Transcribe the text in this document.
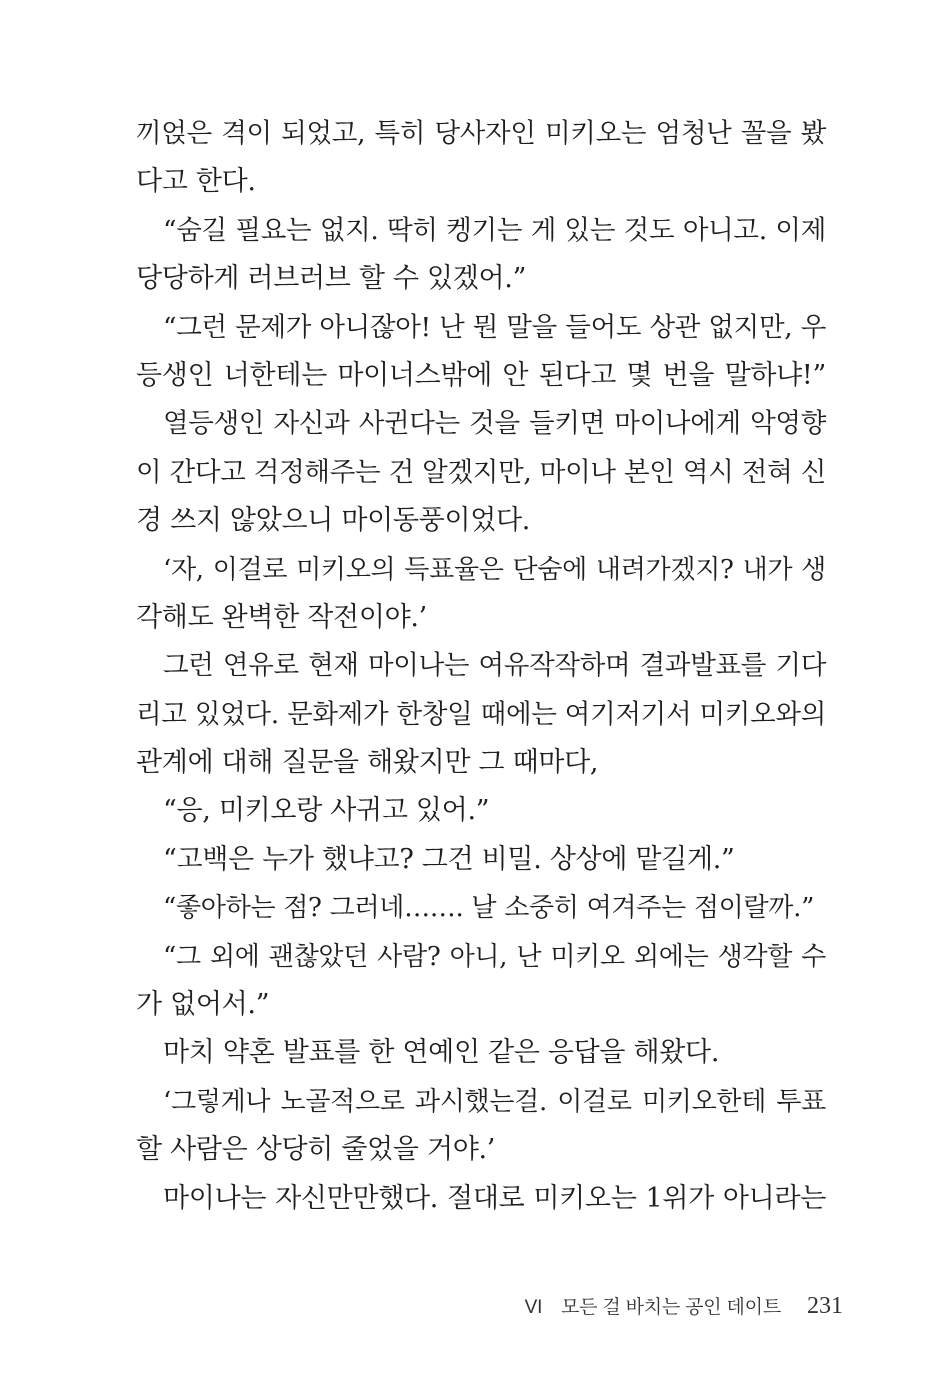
끼얹은 격이 되었고, 특히 당사자인 미키오는 엄청난 꼴을 봤
다고 한다.
“숨길 필요는 없지. 딱히 켕기는 게 있는 것도 아니고. 이제
당당하게 러브러브 할 수 있겠어.”
“그런 문제가 아니잖아! 난 뭔 말을 들어도 상관 없지만, 우
등생인 너한테는 마이너스밖에 안 된다고 몇 번을 말하냐!”
열등생인 자신과 사귄다는 것을 들키면 마이나에게 악영향
이 간다고 걱정해주는 건 알겠지만, 마이나 본인 역시 전혀 신
경 쓰지 않았으니 마이동풍이었다.
‘자, 이걸로 미키오의 득표율은 단숨에 내려가겠지? 내가 생
각해도 완벽한 작전이야.’
그런 연유로 현재 마이나는 여유작작하며 결과발표를 기다
리고 있었다. 문화제가 한창일 때에는 여기저기서 미키오와의
관계에 대해 질문을 해왔지만 그 때마다,
“응, 미키오랑 사귀고 있어.”
“고백은 누가 했냐고? 그건 비밀. 상상에 맡길게.”
“좋아하는 점? 그러네……. 날 소중히 여겨주는 점이랄까.”
“그 외에 괜찮았던 사람? 아니, 난 미키오 외에는 생각할 수
가 없어서.”
마치 약혼 발표를 한 연예인 같은 응답을 해왔다.
‘그렇게나 노골적으로 과시했는걸. 이걸로 미키오한테 투표
할 사람은 상당히 줄었을 거야.’
마이나는 자신만만했다. 절대로 미키오는 1위가 아니라는
VI　모든 걸 바치는 공인 데이트 231
